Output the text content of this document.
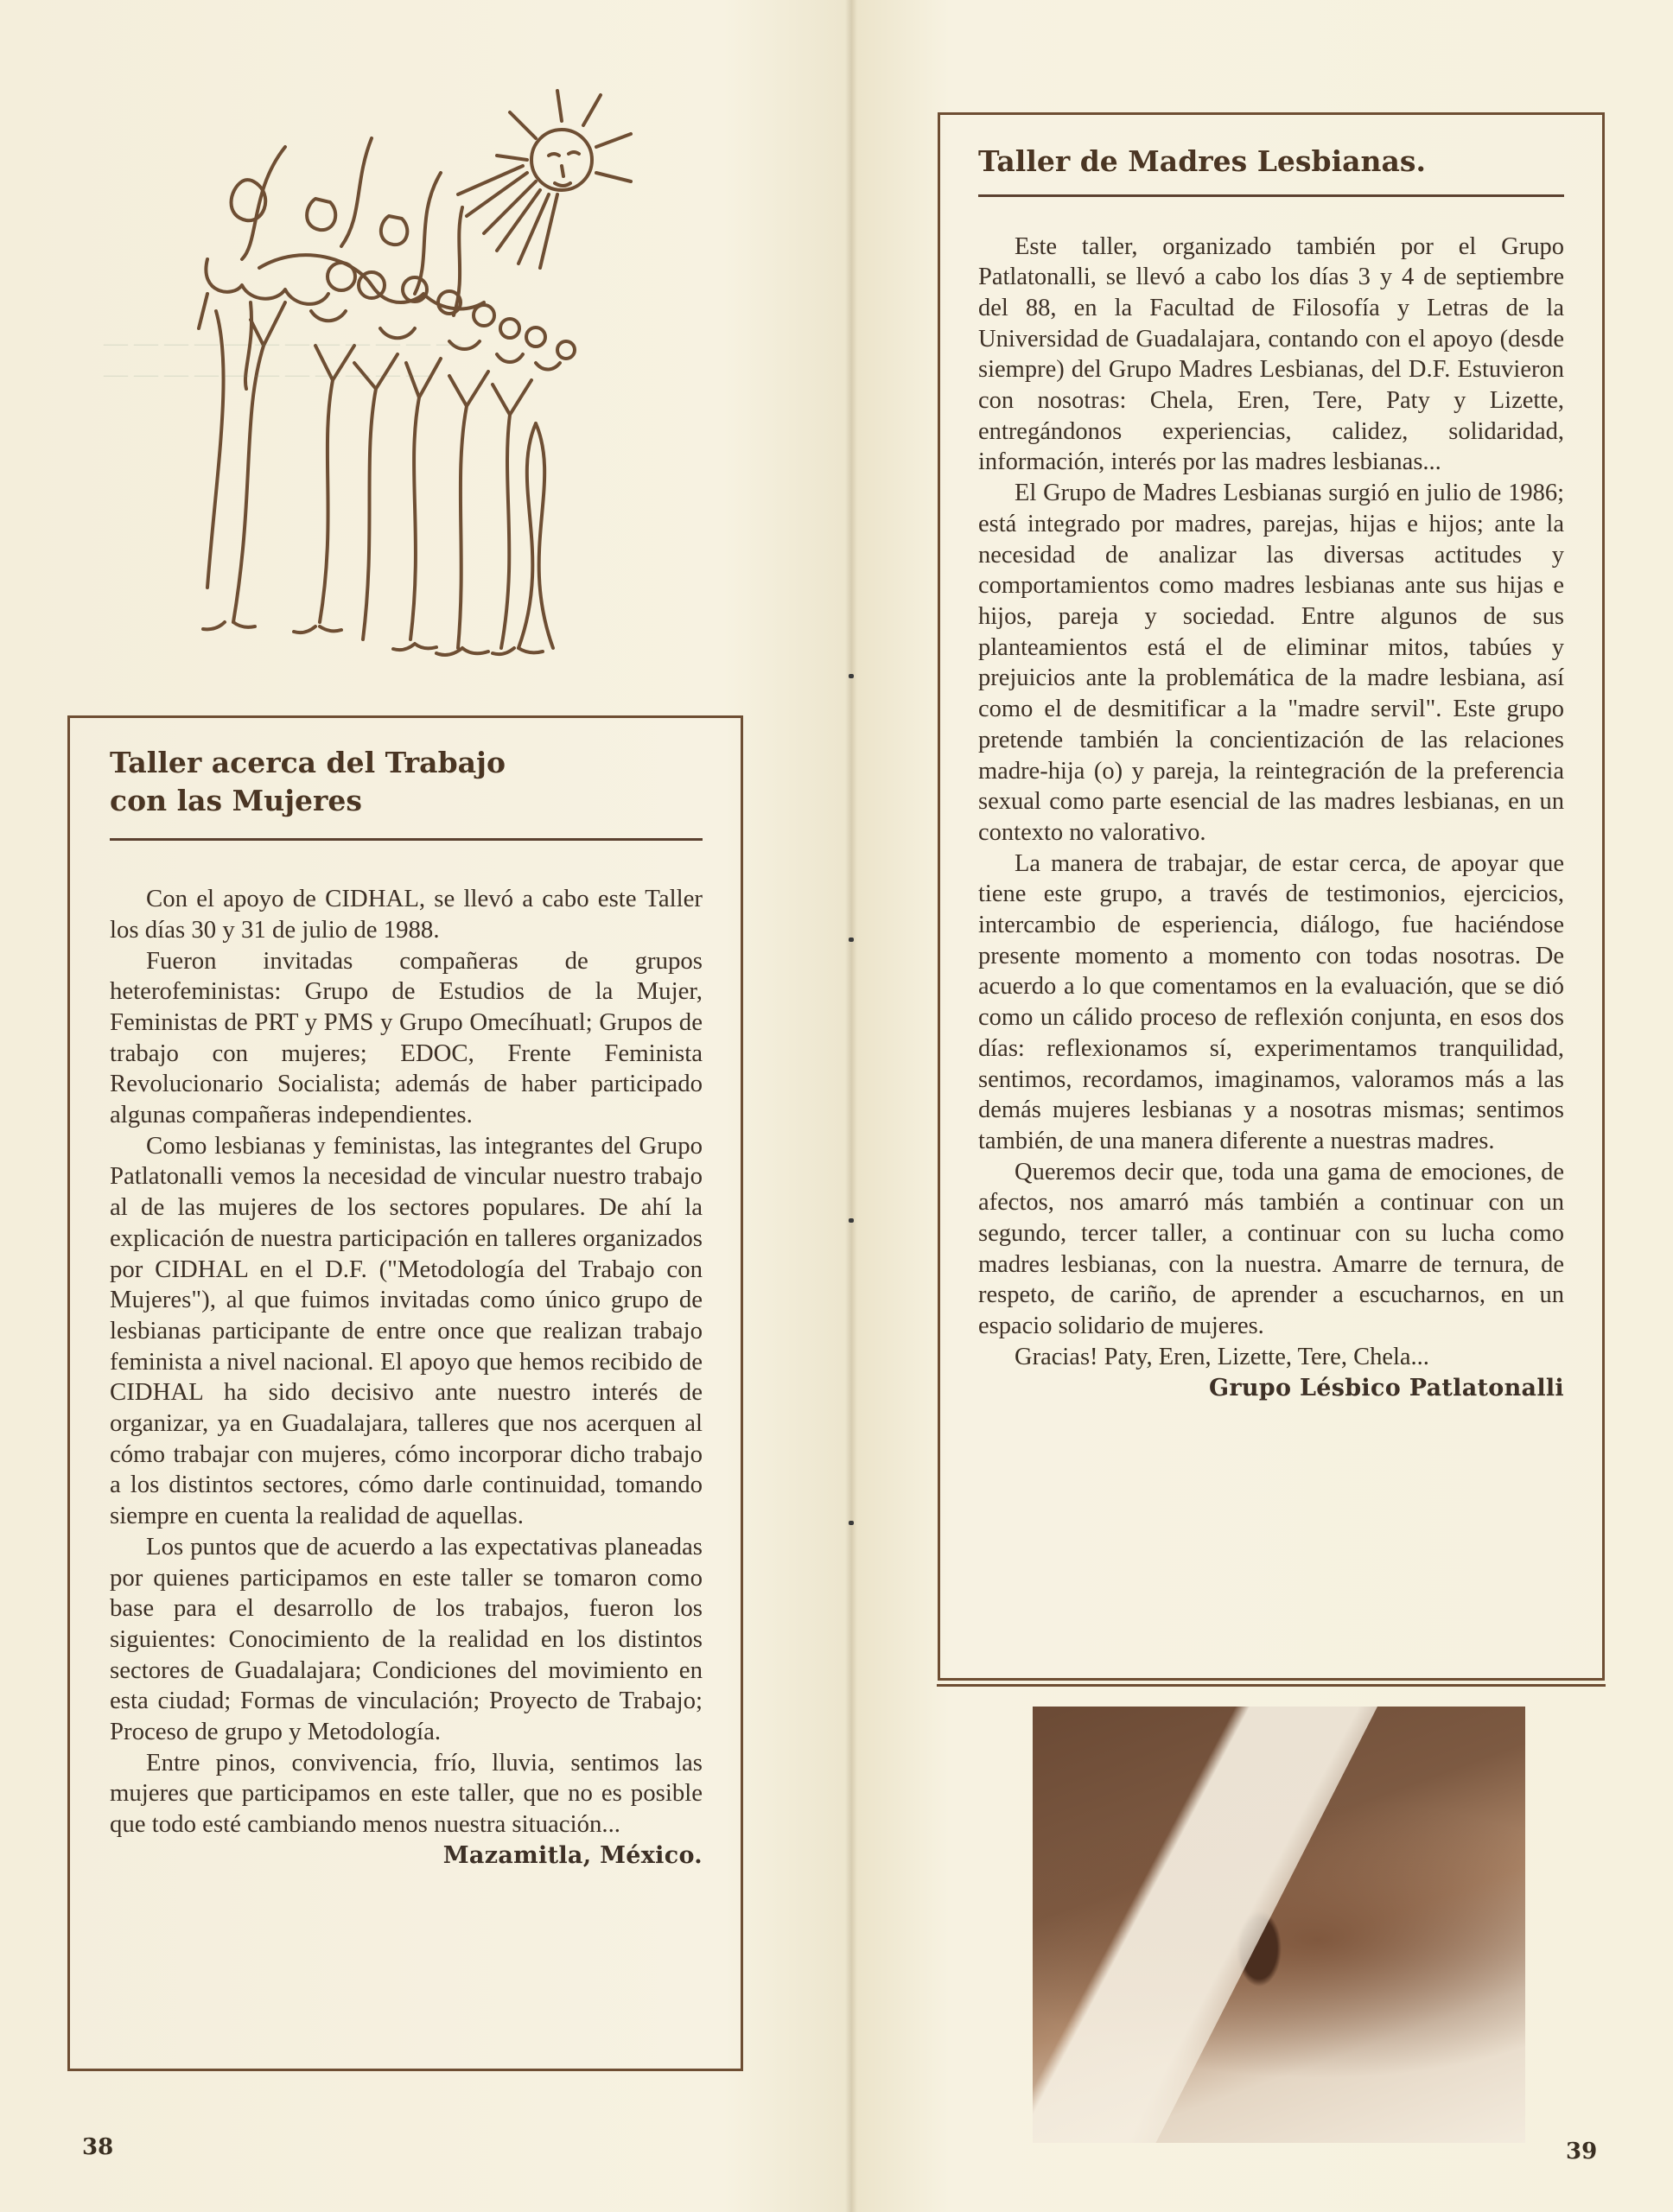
Taller acerca del Trabajo
con las Mujeres

Con el apoyo de CIDHAL, se llevó a cabo este Taller los días 30 y 31 de julio de 1988.

Fueron invitadas compañeras de grupos heterofeministas: Grupo de Estudios de la Mujer, Feministas de PRT y PMS y Grupo Omecíhuatl; Grupos de trabajo con mujeres; EDOC, Frente Feminista Revolucionario Socialista; además de haber participado algunas compañeras independientes.

Como lesbianas y feministas, las integrantes del Grupo Patlatonalli vemos la necesidad de vincular nuestro trabajo al de las mujeres de los sectores populares. De ahí la explicación de nuestra participación en talleres organizados por CIDHAL en el D.F. ("Metodología del Trabajo con Mujeres"), al que fuimos invitadas como único grupo de lesbianas participante de entre once que realizan trabajo feminista a nivel nacional. El apoyo que hemos recibido de CIDHAL ha sido decisivo ante nuestro interés de organizar, ya en Guadalajara, talleres que nos acerquen al cómo trabajar con mujeres, cómo incorporar dicho trabajo a los distintos sectores, cómo darle continuidad, tomando siempre en cuenta la realidad de aquellas.

Los puntos que de acuerdo a las expectativas planeadas por quienes participamos en este taller se tomaron como base para el desarrollo de los trabajos, fueron los siguientes: Conocimiento de la realidad en los distintos sectores de Guadalajara; Condiciones del movimiento en esta ciudad; Formas de vinculación; Proyecto de Trabajo; Proceso de grupo y Metodología.

Entre pinos, convivencia, frío, lluvia, sentimos las mujeres que participamos en este taller, que no es posible que todo esté cambiando menos nuestra situación...

Mazamitla, México.
Taller de Madres Lesbianas.

Este taller, organizado también por el Grupo Patlatonalli, se llevó a cabo los días 3 y 4 de septiembre del 88, en la Facultad de Filosofía y Letras de la Universidad de Guadalajara, contando con el apoyo (desde siempre) del Grupo Madres Lesbianas, del D.F. Estuvieron con nosotras: Chela, Eren, Tere, Paty y Lizette, entregándonos experiencias, calidez, solidaridad, información, interés por las madres lesbianas...

El Grupo de Madres Lesbianas surgió en julio de 1986; está integrado por madres, parejas, hijas e hijos; ante la necesidad de analizar las diversas actitudes y comportamientos como madres lesbianas ante sus hijas e hijos, pareja y sociedad. Entre algunos de sus planteamientos está el de eliminar mitos, tabúes y prejuicios ante la problemática de la madre lesbiana, así como el de desmitificar a la "madre servil". Este grupo pretende también la concientización de las relaciones madre-hija (o) y pareja, la reintegración de la preferencia sexual como parte esencial de las madres lesbianas, en un contexto no valorativo.

La manera de trabajar, de estar cerca, de apoyar que tiene este grupo, a través de testimonios, ejercicios, intercambio de esperiencia, diálogo, fue haciéndose presente momento a momento con todas nosotras. De acuerdo a lo que comentamos en la evaluación, que se dió como un cálido proceso de reflexión conjunta, en esos dos días: reflexionamos sí, experimentamos tranquilidad, sentimos, recordamos, imaginamos, valoramos más a las demás mujeres lesbianas y a nosotras mismas; sentimos también, de una manera diferente a nuestras madres.

Queremos decir que, toda una gama de emociones, de afectos, nos amarró más también a continuar con un segundo, tercer taller, a continuar con su lucha como madres lesbianas, con la nuestra. Amarre de ternura, de respeto, de cariño, de aprender a escucharnos, en un espacio solidario de mujeres.

Gracias! Paty, Eren, Lizette, Tere, Chela...
Grupo Lésbico Patlatonalli
38	39
